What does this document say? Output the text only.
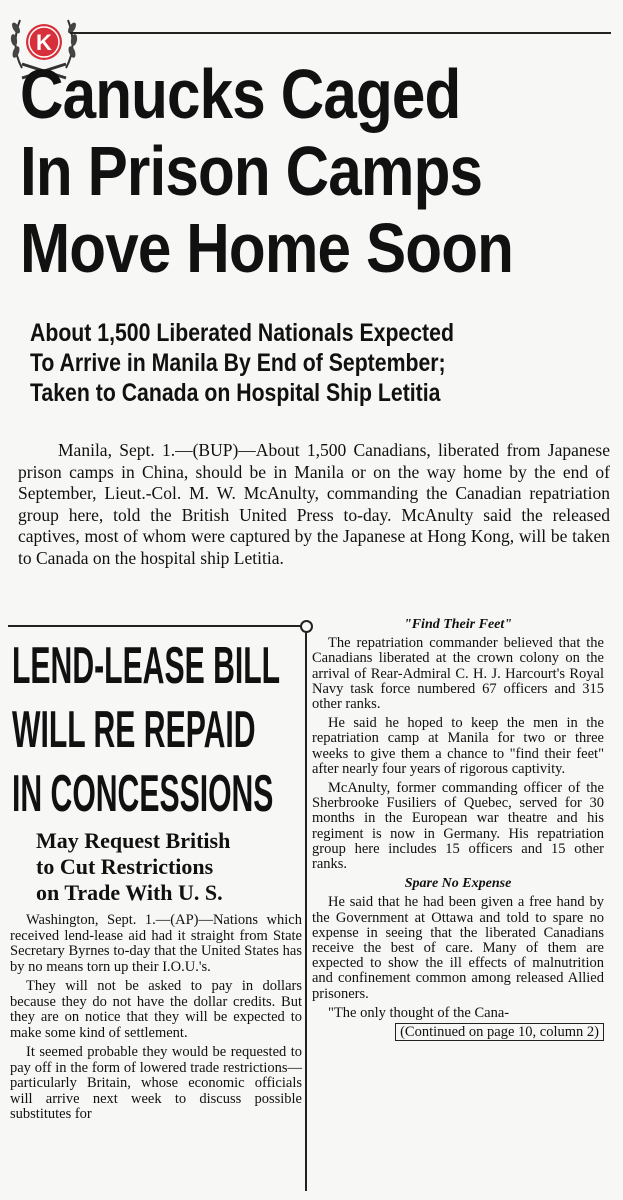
K
Canucks Caged
In Prison Camps
Move Home Soon
About 1,500 Liberated Nationals Expected
To Arrive in Manila By End of September;
Taken to Canada on Hospital Ship Letitia
Manila, Sept. 1.—(BUP)—About 1,500 Canadians, liberated from Japanese prison camps in China, should be in Manila or on the way home by the end of September, Lieut.-Col. M. W. McAnulty, commanding the Canadian repatriation group here, told the British United Press to-day. McAnulty said the released captives, most of whom were captured by the Japanese at Hong Kong, will be taken to Canada on the hospital ship Letitia.
LEND-LEASE BILL
WILL RE REPAID
IN CONCESSIONS
May Request British
to Cut Restrictions
on Trade With U. S.

Washington, Sept. 1.—(AP)—Nations which received lend-lease aid had it straight from State Secretary Byrnes to-day that the United States has by no means torn up their I.O.U.'s.

They will not be asked to pay in dollars because they do not have the dollar credits. But they are on notice that they will be expected to make some kind of settlement.

It seemed probable they would be requested to pay off in the form of lowered trade restrictions—particularly Britain, whose economic officials will arrive next week to discuss possible substitutes for

"Find Their Feet"

The repatriation commander believed that the Canadians liberated at the crown colony on the arrival of Rear-Admiral C. H. J. Harcourt's Royal Navy task force numbered 67 officers and 315 other ranks.

He said he hoped to keep the men in the repatriation camp at Manila for two or three weeks to give them a chance to "find their feet" after nearly four years of rigorous captivity.

McAnulty, former commanding officer of the Sherbrooke Fusiliers of Quebec, served for 30 months in the European war theatre and his regiment is now in Germany. His repatriation group here includes 15 officers and 15 other ranks.

Spare No Expense

He said that he had been given a free hand by the Government at Ottawa and told to spare no expense in seeing that the liberated Canadians receive the best of care. Many of them are expected to show the ill effects of malnutrition and confinement common among released Allied prisoners.

"The only thought of the Cana-

(Continued on page 10, column 2)
